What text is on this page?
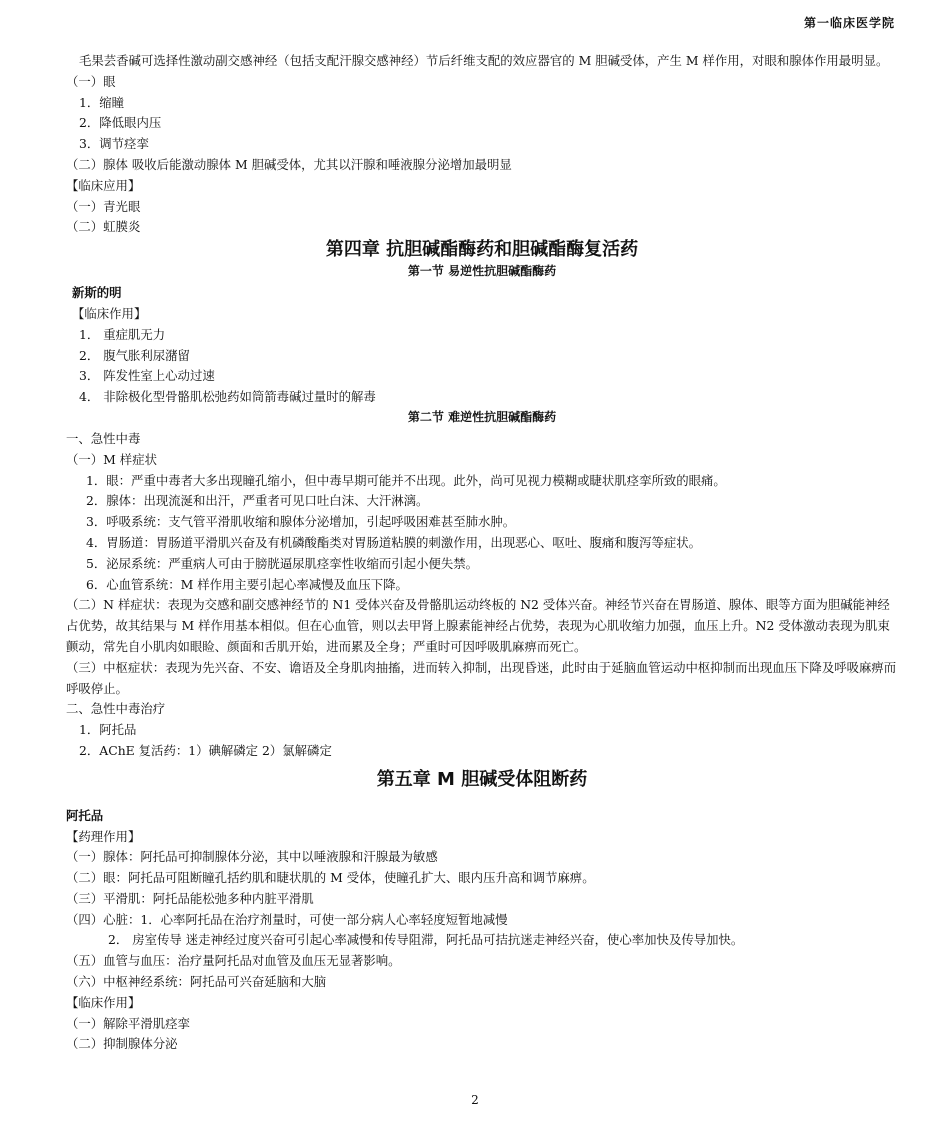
第一临床医学院

毛果芸香碱可选择性激动副交感神经（包括支配汗腺交感神经）节后纤维支配的效应器官的 M 胆碱受体，产生 M 样作用，对眼和腺体作用最明显。

（一）眼

1．缩瞳

2．降低眼内压

3．调节痉挛

（二）腺体 吸收后能激动腺体 M 胆碱受体，尤其以汗腺和唾液腺分泌增加最明显

【临床应用】

（一）青光眼

（二）虹膜炎

第四章 抗胆碱酯酶药和胆碱酯酶复活药

第一节 易逆性抗胆碱酯酶药

新斯的明

【临床作用】

1． 重症肌无力

2． 腹气胀利尿潴留

3． 阵发性室上心动过速

4． 非除极化型骨骼肌松弛药如筒箭毒碱过量时的解毒

第二节 难逆性抗胆碱酯酶药

一、急性中毒

（一）M 样症状

1．眼：严重中毒者大多出现瞳孔缩小，但中毒早期可能并不出现。此外，尚可见视力模糊或睫状肌痉挛所致的眼痛。

2．腺体：出现流涎和出汗，严重者可见口吐白沫、大汗淋漓。

3．呼吸系统：支气管平滑肌收缩和腺体分泌增加，引起呼吸困难甚至肺水肿。

4．胃肠道：胃肠道平滑肌兴奋及有机磷酸酯类对胃肠道粘膜的刺激作用，出现恶心、呕吐、腹痛和腹泻等症状。

5．泌尿系统：严重病人可由于膀胱逼尿肌痉挛性收缩而引起小便失禁。

6．心血管系统：M 样作用主要引起心率减慢及血压下降。

（二）N 样症状：表现为交感和副交感神经节的 N1 受体兴奋及骨骼肌运动终板的 N2 受体兴奋。神经节兴奋在胃肠道、腺体、眼等方面为胆碱能神经占优势，故其结果与 M 样作用基本相似。但在心血管，则以去甲肾上腺素能神经占优势，表现为心肌收缩力加强，血压上升。N2 受体激动表现为肌束颤动，常先自小肌肉如眼睑、颜面和舌肌开始，进而累及全身；严重时可因呼吸肌麻痹而死亡。

（三）中枢症状：表现为先兴奋、不安、谵语及全身肌肉抽搐，进而转入抑制，出现昏迷，此时由于延脑血管运动中枢抑制而出现血压下降及呼吸麻痹而呼吸停止。

二、急性中毒治疗

1．阿托品

2．AChE 复活药：1）碘解磷定 2）氯解磷定

第五章 M 胆碱受体阻断药

阿托品

【药理作用】

（一）腺体：阿托品可抑制腺体分泌，其中以唾液腺和汗腺最为敏感

（二）眼：阿托品可阻断瞳孔括约肌和睫状肌的 M 受体，使瞳孔扩大、眼内压升高和调节麻痹。

（三）平滑肌：阿托品能松弛多种内脏平滑肌

（四）心脏：1．心率阿托品在治疗剂量时，可使一部分病人心率轻度短暂地减慢

2． 房室传导 迷走神经过度兴奋可引起心率减慢和传导阻滞，阿托品可拮抗迷走神经兴奋，使心率加快及传导加快。

（五）血管与血压：治疗量阿托品对血管及血压无显著影响。

（六）中枢神经系统：阿托品可兴奋延脑和大脑

【临床作用】

（一）解除平滑肌痉挛

（二）抑制腺体分泌

2
